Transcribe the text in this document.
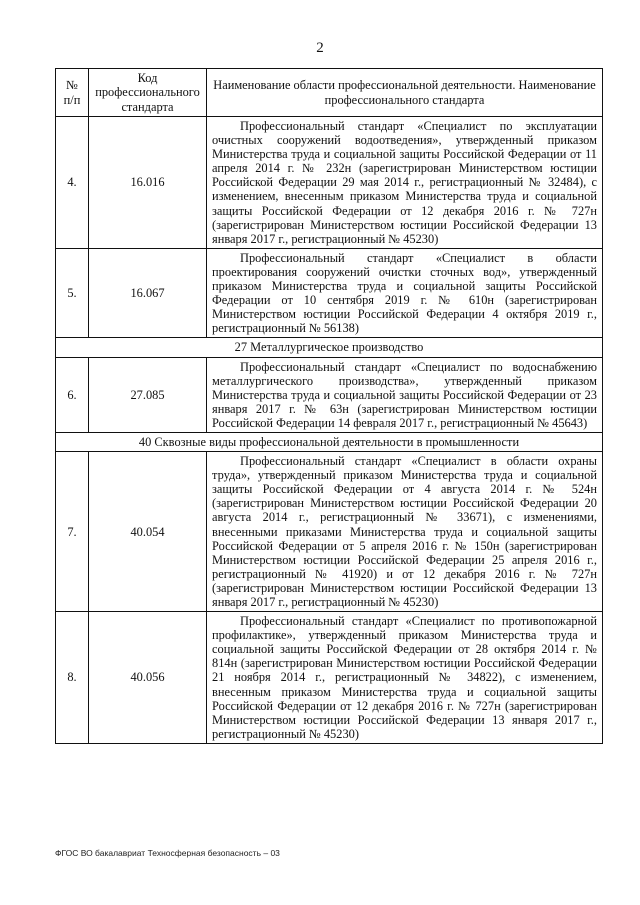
2
№ п/п	Код профессионального стандарта	Наименование области профессиональной деятельности. Наименование профессионального стандарта
4.	16.016	Профессиональный стандарт «Специалист по эксплуатации очистных сооружений водоотведения», утвержденный приказом Министерства труда и социальной защиты Российской Федерации от 11 апреля 2014 г. № 232н (зарегистрирован Министерством юстиции Российской Федерации 29 мая 2014 г., регистрационный № 32484), с изменением, внесенным приказом Министерства труда и социальной защиты Российской Федерации от 12 декабря 2016 г. № 727н (зарегистрирован Министерством юстиции Российской Федерации 13 января 2017 г., регистрационный № 45230)

5.	16.067	Профессиональный стандарт «Специалист в области проектирования сооружений очистки сточных вод», утвержденный приказом Министерства труда и социальной защиты Российской Федерации от 10 сентября 2019 г. № 610н (зарегистрирован Министерством юстиции Российской Федерации 4 октября 2019 г., регистрационный № 56138)

27 Металлургическое производство		
6.	27.085	Профессиональный стандарт «Специалист по водоснабжению металлургического производства», утвержденный приказом Министерства труда и социальной защиты Российской Федерации от 23 января 2017 г. № 63н (зарегистрирован Министерством юстиции Российской Федерации 14 февраля 2017 г., регистрационный № 45643)

40 Сквозные виды профессиональной деятельности в промышленности		
7.	40.054	Профессиональный стандарт «Специалист в области охраны труда», утвержденный приказом Министерства труда и социальной защиты Российской Федерации от 4 августа 2014 г. № 524н (зарегистрирован Министерством юстиции Российской Федерации 20 августа 2014 г., регистрационный № 33671), с изменениями, внесенными приказами Министерства труда и социальной защиты Российской Федерации от 5 апреля 2016 г. № 150н (зарегистрирован Министерством юстиции Российской Федерации 25 апреля 2016 г., регистрационный № 41920) и от 12 декабря 2016 г. № 727н (зарегистрирован Министерством юстиции Российской Федерации 13 января 2017 г., регистрационный № 45230)

8.	40.056	Профессиональный стандарт «Специалист по противопожарной профилактике», утвержденный приказом Министерства труда и социальной защиты Российской Федерации от 28 октября 2014 г. № 814н (зарегистрирован Министерством юстиции Российской Федерации 21 ноября 2014 г., регистрационный № 34822), с изменением, внесенным приказом Министерства труда и социальной защиты Российской Федерации от 12 декабря 2016 г. № 727н (зарегистрирован Министерством юстиции Российской Федерации 13 января 2017 г., регистрационный № 45230)
ФГОС ВО бакалавриат Техносферная безопасность – 03
